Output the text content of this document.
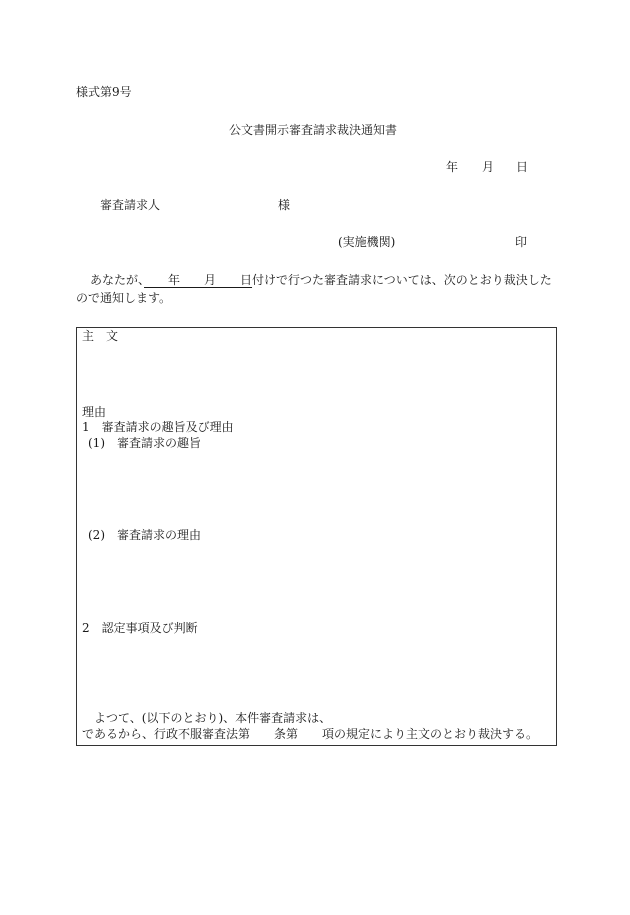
様式第9号
公文書開示審査請求裁決通知書
年 月 日
審査請求人	様
(実施機関)	印
あなたが、　　年　　月　　日付けで行つた審査請求については、次のとおり裁決した
ので通知します。
主　文
理由
1　審査請求の趣旨及び理由
(1)　審査請求の趣旨
(2)　審査請求の理由
2　認定事項及び判断
よつて、(以下のとおり)、本件審査請求は、
であるから、行政不服審査法第　　条第　　項の規定により主文のとおり裁決する。
